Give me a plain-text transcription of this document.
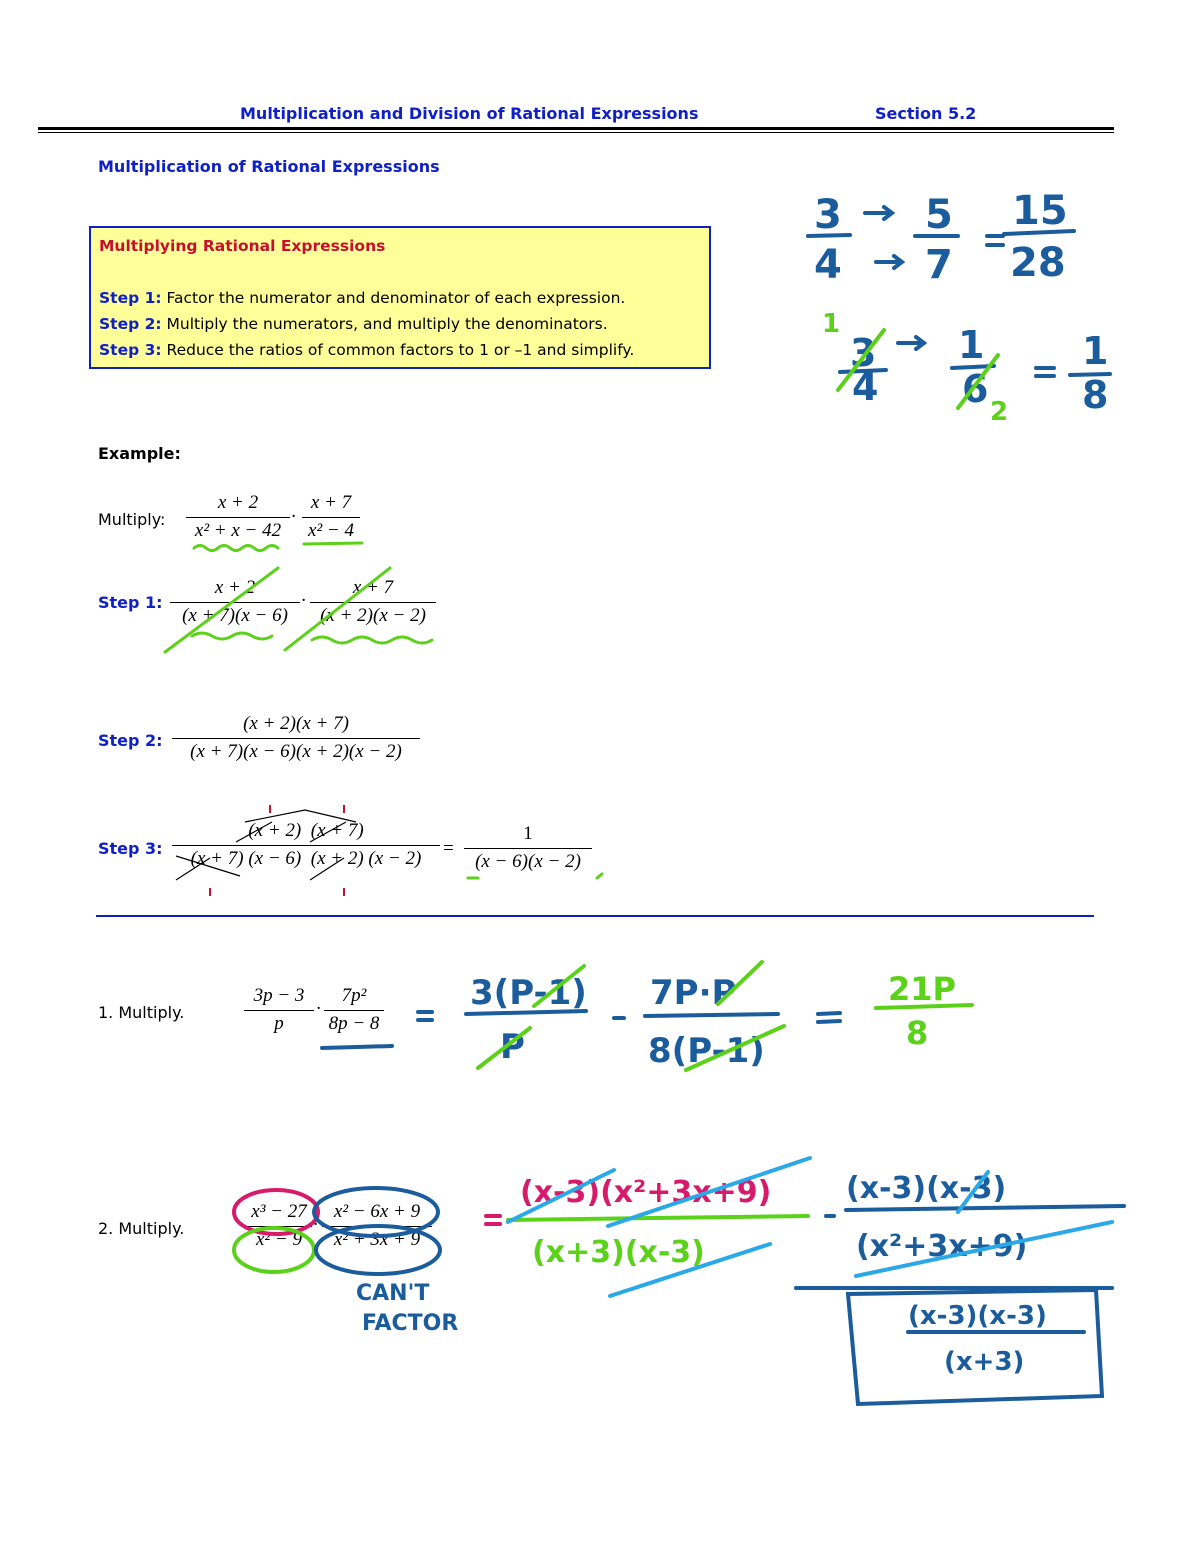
Multiplication and Division of Rational Expressions	Section 5.2
Multiplication of Rational Expressions
Multiplying Rational Expressions
Step 1: Factor the numerator and denominator of each expression.
Step 2: Multiply the numerators, and multiply the denominators.
Step 3: Reduce the ratios of common factors to 1 or –1 and simplify.
Example:
Multiply:
x + 2
x² + x − 42
·
x + 7
x² − 4
Step 1:
x + 2
(x + 7)(x − 6)
·
x + 7
(x + 2)(x − 2)
Step 2:
(x + 2)(x + 7)
(x + 7)(x − 6)(x + 2)(x − 2)
Step 3:
(x + 2)  (x + 7)
(x + 7) (x − 6)  (x + 2) (x − 2)	=
1
(x − 6)(x − 2)
1. Multiply.
3p − 3
p
·
7p²
8p − 8
2. Multiply.
x³ − 27
x² − 9
·
x² − 6x + 9
x² + 3x + 9
3
4
5
7
15
28
3
4
1
6
1
8
1
2
3(P-1)
P
7P·P
8(P-1)
21P
8
CAN'T
FACTOR
(x-3)(x²+3x+9)
(x+3)(x-3)
(x-3)(x-3)
(x²+3x+9)
(x-3)(x-3)
(x+3)
